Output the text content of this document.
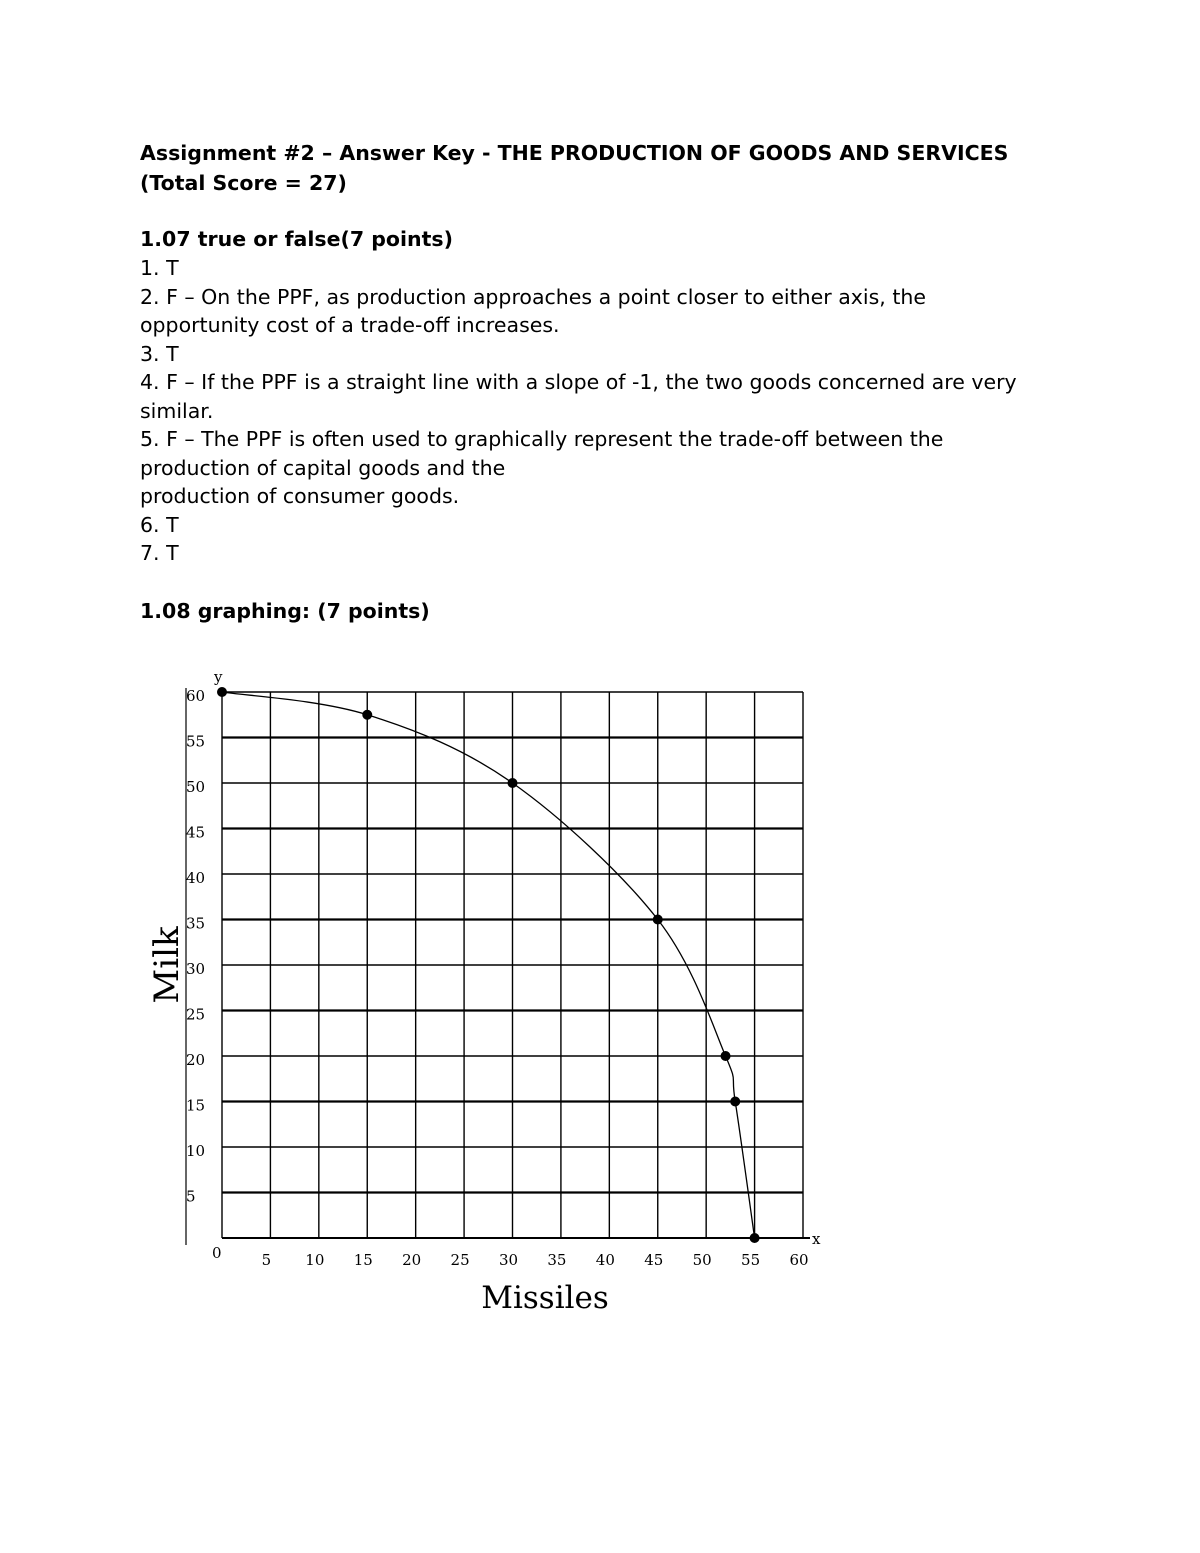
Assignment #2 – Answer Key - THE PRODUCTION OF GOODS AND SERVICES

(Total Score = 27)

1.07 true or false(7 points)

1. T
2. F – On the PPF, as production approaches a point closer to either axis, the
opportunity cost of a trade-off increases.
3. T
4. F – If the PPF is a straight line with a slope of -1, the two goods concerned are very
similar.
5. F – The PPF is often used to graphically represent the trade-off between the
production of capital goods and the
production of consumer goods.
6. T
7. T

1.08 graphing: (7 points)

5
10
15
20
25
30
35
40
45
50
55
60
5 10 15 20 25 30 35 40 45 50 55 60
0
x
y
Missiles
Milk
